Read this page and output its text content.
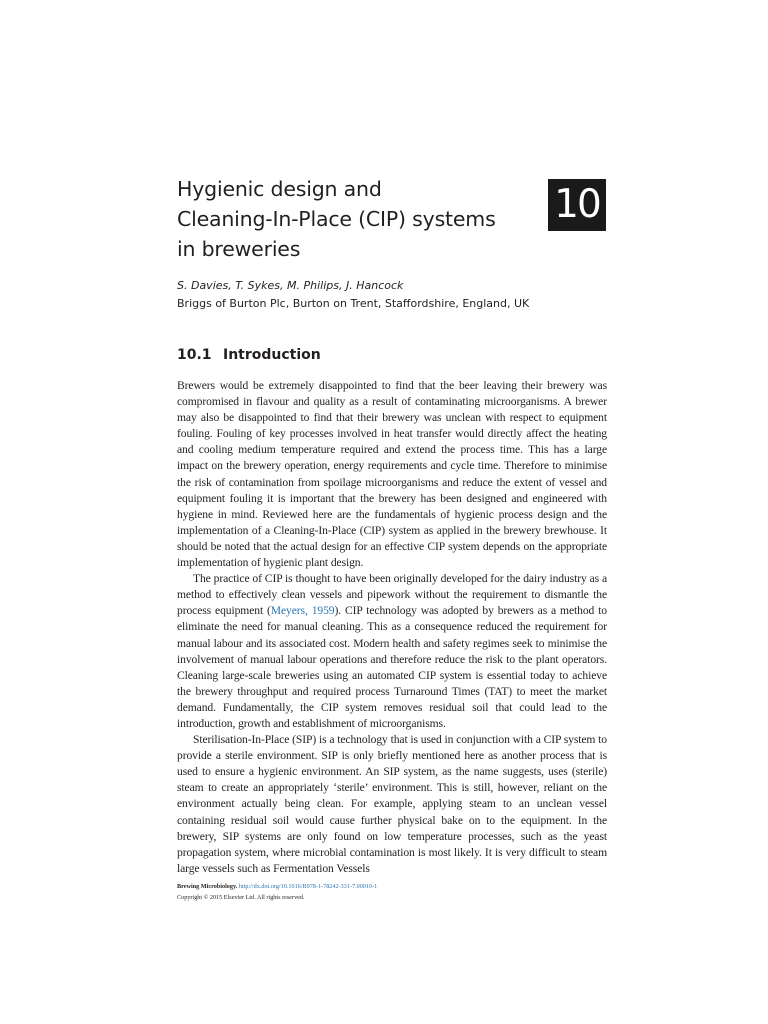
Hygienic design and
Cleaning-In-Place (CIP) systems
in breweries
10

S. Davies, T. Sykes, M. Philips, J. Hancock

Briggs of Burton Plc, Burton on Trent, Staffordshire, England, UK

10.1 Introduction

Brewers would be extremely disappointed to find that the beer leaving their brewery was compromised in flavour and quality as a result of contaminating microorganisms. A brewer may also be disappointed to find that their brewery was unclean with respect to equipment fouling. Fouling of key processes involved in heat transfer would directly affect the heating and cooling medium temperature required and extend the process time. This has a large impact on the brewery operation, energy requirements and cycle time. Therefore to minimise the risk of contamination from spoilage microorganisms and reduce the extent of vessel and equipment fouling it is important that the brewery has been designed and engineered with hygiene in mind. Reviewed here are the fundamentals of hygienic process design and the implementation of a Cleaning-In-Place (CIP) system as applied in the brewery brewhouse. It should be noted that the actual design for an effective CIP system depends on the appropriate implementation of hygienic plant design.

The practice of CIP is thought to have been originally developed for the dairy industry as a method to effectively clean vessels and pipework without the requirement to dismantle the process equipment (Meyers, 1959). CIP technology was adopted by brewers as a method to eliminate the need for manual cleaning. This as a consequence reduced the requirement for manual labour and its associated cost. Modern health and safety regimes seek to minimise the involvement of manual labour operations and therefore reduce the risk to the plant operators. Cleaning large-scale breweries using an automated CIP system is essential today to achieve the brewery throughput and required process Turnaround Times (TAT) to meet the market demand. Fundamentally, the CIP system removes residual soil that could lead to the introduction, growth and establishment of microorganisms.

Sterilisation-In-Place (SIP) is a technology that is used in conjunction with a CIP system to provide a sterile environment. SIP is only briefly mentioned here as another process that is used to ensure a hygienic environment. An SIP system, as the name suggests, uses (sterile) steam to create an appropriately ‘sterile’ environment. This is still, however, reliant on the environment actually being clean. For example, applying steam to an unclean vessel containing residual soil would cause further physical bake on to the equipment. In the brewery, SIP systems are only found on low temperature processes, such as the yeast propagation system, where microbial contamination is most likely. It is very difficult to steam large vessels such as Fermentation Vessels

Brewing Microbiology. http://dx.doi.org/10.1016/B978-1-78242-331-7.00010-1
Copyright © 2015 Elsevier Ltd. All rights reserved.
